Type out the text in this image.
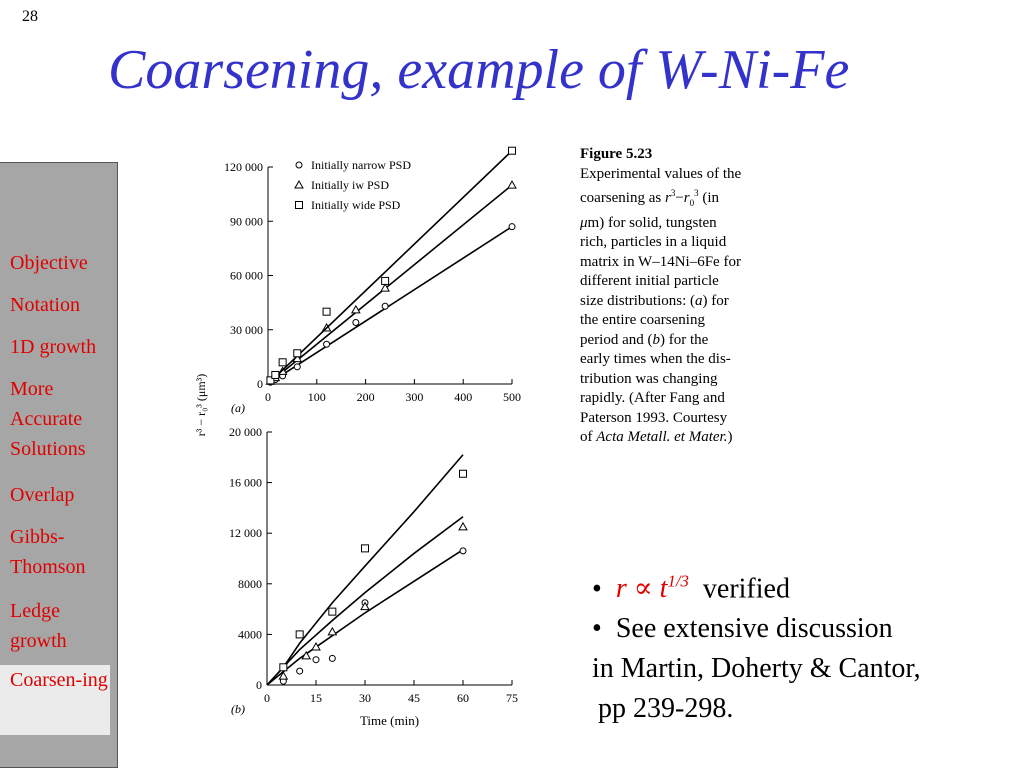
28
Coarsening, example of W-Ni-Fe
Objective
Notation
1D growth
More Accurate Solutions
Overlap
Gibbs-Thomson
Ledge growth
Coarsen-ing
0
30 000
60 000
90 000
120 000
0	100	200	300	400	500
(a)
r³ − r₀³ (μm³)
Initially narrow PSD
Initially iw PSD
Initially wide PSD
0
4000
8000
12 000
16 000
20 000
0	15	30	45	60	75
(b)
Time (min)
Figure 5.23
Experimental values of the
coarsening as $r^3-r_0^3$ (in
μm) for solid, tungsten
rich, particles in a liquid
matrix in W–14Ni–6Fe for
different initial particle
size distributions: (a) for
the entire coarsening
period and (b) for the
early times when the dis-
tribution was changing
rapidly. (After Fang and
Paterson 1993. Courtesy
of Acta Metall. et Mater.)
•  $r \propto t^{1/3}$ verified
•  See extensive discussion
in Martin, Doherty & Cantor,
pp 239-298.
